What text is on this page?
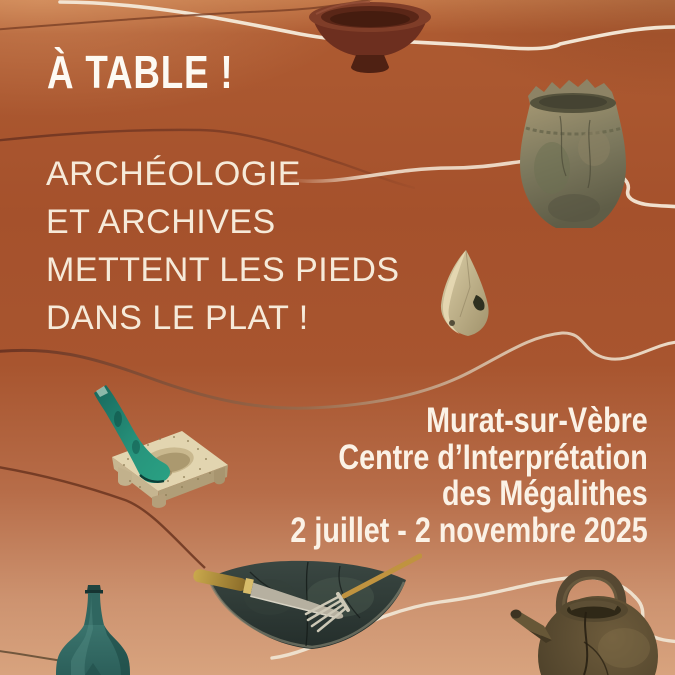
À TABLE !
ARCHÉOLOGIE
ET ARCHIVES
METTENT LES PIEDS
DANS LE PLAT !
Murat-sur-Vèbre
Centre d’Interprétation
des Mégalithes
2 juillet - 2 novembre 2025
